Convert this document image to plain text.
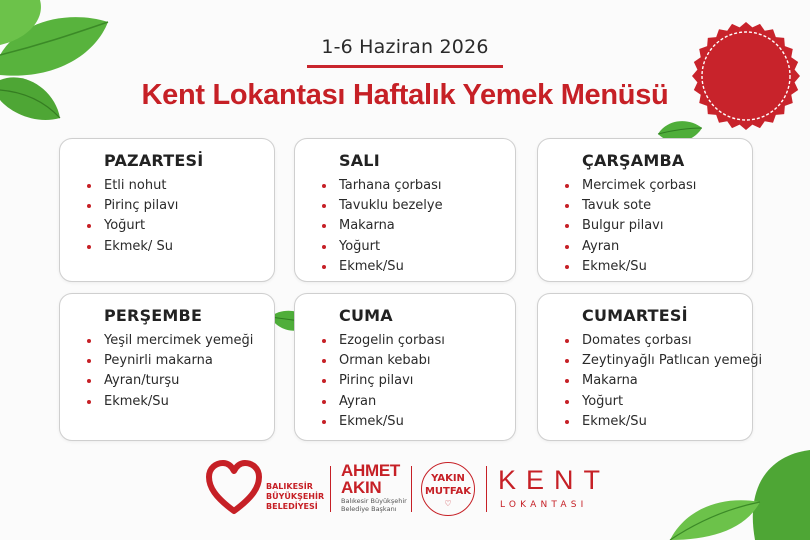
1-6 Haziran 2026
Kent Lokantası Haftalık Yemek Menüsü
PAZARTESİ
Etli nohut
Pirinç pilavı
Yoğurt
Ekmek/ Su
SALI
Tarhana çorbası
Tavuklu bezelye
Makarna
Yoğurt
Ekmek/Su
ÇARŞAMBA
Mercimek çorbası
Tavuk sote
Bulgur pilavı
Ayran
Ekmek/Su
PERŞEMBE
Yeşil mercimek yemeği
Peynirli makarna
Ayran/turşu
Ekmek/Su
CUMA
Ezogelin çorbası
Orman kebabı
Pirinç pilavı
Ayran
Ekmek/Su
CUMARTESİ
Domates çorbası
Zeytinyağlı Patlıcan yemeği
Makarna
Yoğurt
Ekmek/Su
BALIKESİR
BÜYÜKŞEHİR
BELEDİYESİ
AHMET
AKIN
Balıkesir Büyükşehir
Belediye Başkanı
YAKIN
MUTFAK
♡
KENT
LOKANTASI
